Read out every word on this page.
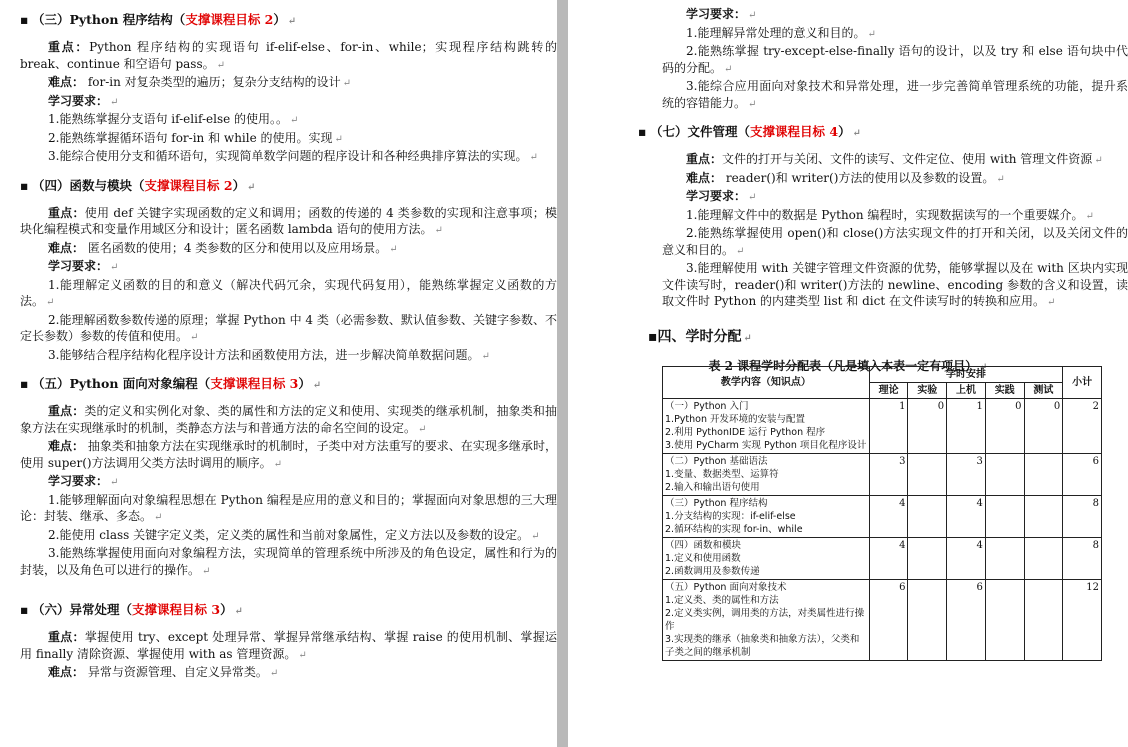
▪ （三）Python 程序结构（支撑课程目标 2） ↵

重点：Python 程序结构的实现语句 if-elif-else、for-in、while；实现程序结构跳转的 break、continue 和空语句 pass。 ↵

难点： for-in 对复杂类型的遍历；复杂分支结构的设计 ↵

学习要求： ↵

1.能熟练掌握分支语句 if-elif-else 的使用。。 ↵

2.能熟练掌握循环语句 for-in 和 while 的使用。实现 ↵

3.能综合使用分支和循环语句，实现简单数学问题的程序设计和各种经典排序算法的实现。 ↵

▪ （四）函数与模块（支撑课程目标 2） ↵

重点：使用 def 关键字实现函数的定义和调用；函数的传递的 4 类参数的实现和注意事项；模块化编程模式和变量作用域区分和设计；匿名函数 lambda 语句的使用方法。 ↵

难点： 匿名函数的使用；4 类参数的区分和使用以及应用场景。 ↵

学习要求： ↵

1.能理解定义函数的目的和意义（解决代码冗余，实现代码复用），能熟练掌握定义函数的方法。 ↵

2.能理解函数参数传递的原理；掌握 Python 中 4 类（必需参数、默认值参数、关键字参数、不定长参数）参数的传值和使用。 ↵

3.能够结合程序结构化程序设计方法和函数使用方法，进一步解决简单数据问题。 ↵

▪ （五）Python 面向对象编程（支撑课程目标 3） ↵

重点：类的定义和实例化对象、类的属性和方法的定义和使用、实现类的继承机制，抽象类和抽象方法在实现继承时的机制，类静态方法与和普通方法的命名空间的设定。 ↵

难点： 抽象类和抽象方法在实现继承时的机制时，子类中对方法重写的要求、在实现多继承时，使用 super()方法调用父类方法时调用的顺序。 ↵

学习要求： ↵

1.能够理解面向对象编程思想在 Python 编程是应用的意义和目的；掌握面向对象思想的三大理论：封装、继承、多态。 ↵

2.能使用 class 关键字定义类，定义类的属性和当前对象属性，定义方法以及参数的设定。 ↵

3.能熟练掌握使用面向对象编程方法，实现简单的管理系统中所涉及的角色设定，属性和行为的封装，以及角色可以进行的操作。 ↵

▪ （六）异常处理（支撑课程目标 3） ↵

重点：掌握使用 try、except 处理异常、掌握异常继承结构、掌握 raise 的使用机制、掌握运用 finally 清除资源、掌握使用 with as 管理资源。 ↵

难点： 异常与资源管理、自定义异常类。 ↵

学习要求： ↵

1.能理解异常处理的意义和目的。 ↵

2.能熟练掌握 try-except-else-finally 语句的设计，以及 try 和 else 语句块中代码的分配。 ↵

3.能综合应用面向对象技术和异常处理，进一步完善简单管理系统的功能，提升系统的容错能力。 ↵

▪ （七）文件管理（支撑课程目标 4） ↵

重点：文件的打开与关闭、文件的读写、文件定位、使用 with 管理文件资源 ↵

难点： reader()和 writer()方法的使用以及参数的设置。 ↵

学习要求： ↵

1.能理解文件中的数据是 Python 编程时，实现数据读写的一个重要媒介。 ↵

2.能熟练掌握使用 open()和 close()方法实现文件的打开和关闭，以及关闭文件的意义和目的。 ↵

3.能理解使用 with 关键字管理文件资源的优势，能够掌握以及在 with 区块内实现文件读写时，reader()和 writer()方法的 newline、encoding 参数的含义和设置，读取文件时 Python 的内建类型 list 和 dict 在文件读写时的转换和应用。 ↵

▪四、学时分配 ↵
表 2 课程学时分配表（凡是填入本表一定有项目） ↵
教学内容（知识点）	学时安排					小计
	理论	实验	上机	实践	测试	

（一）Python 入门
1.Python 开发环境的安装与配置
2.利用 PythonIDE 运行 Python 程序
3.使用 PyCharm 实现 Python 项目化程序设计	1	0	1	0	0	2

（二）Python 基础语法
1.变量、数据类型、运算符
2.输入和输出语句使用	3		3			6

（三）Python 程序结构
1.分支结构的实现：if-elif-else
2.循环结构的实现 for-in、while	4		4			8

（四）函数和模块
1.定义和使用函数
2.函数调用及参数传递	4		4			8

（五）Python 面向对象技术
1.定义类、类的属性和方法
2.定义类实例，调用类的方法，对类属性进行操作
3.实现类的继承（抽象类和抽象方法），父类和子类之间的继承机制	6		6			12
